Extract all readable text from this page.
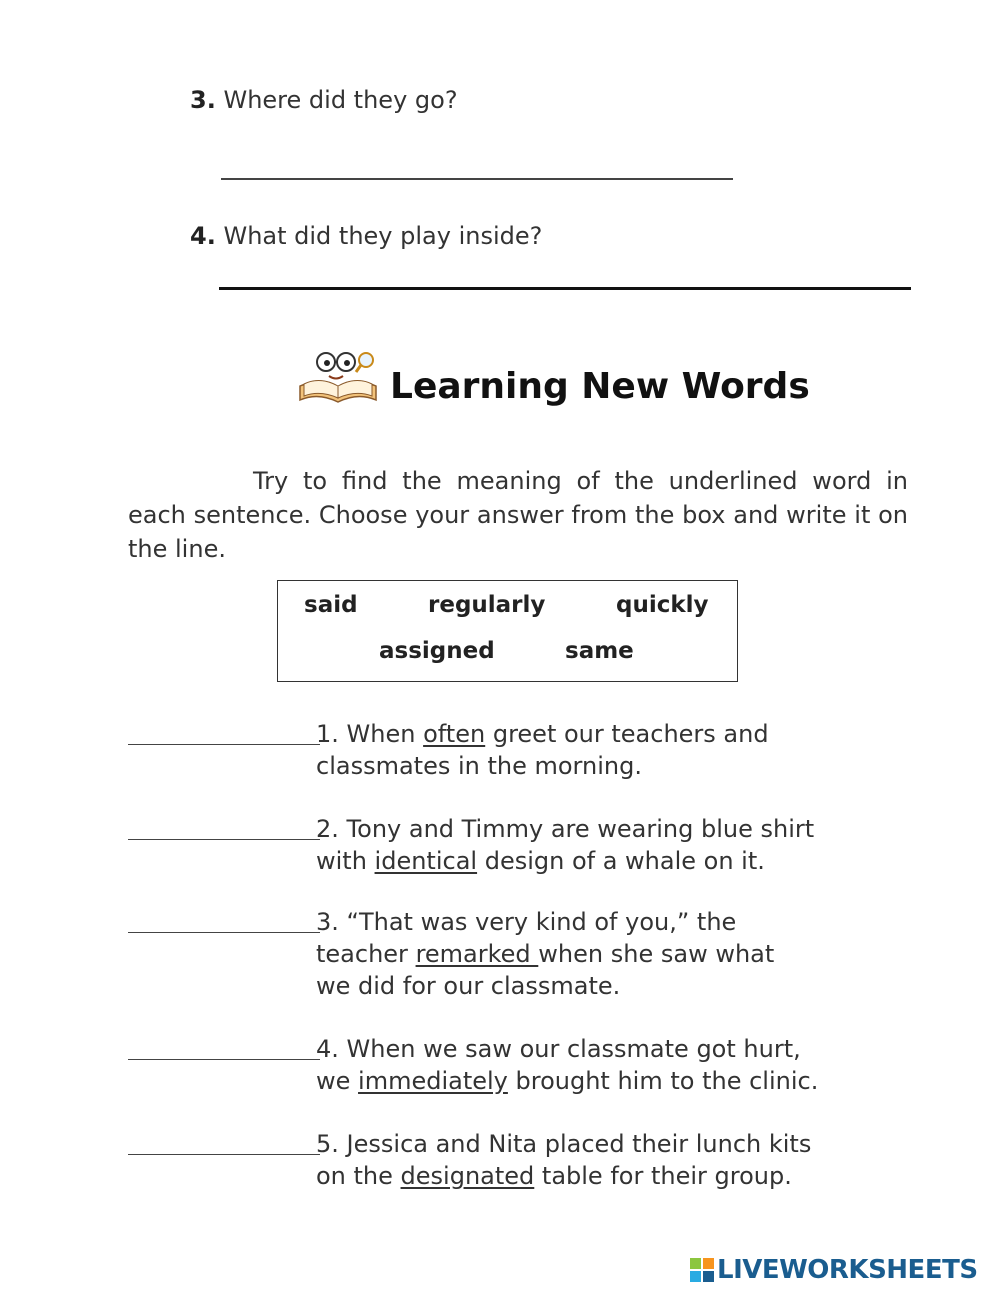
3. Where did they go?
4. What did they play inside?
Learning New Words
Try to find the meaning of the underlined word in each sentence. Choose your answer from the box and write it on the line.
said	regularly	quickly
assigned	same
1. When often greet our teachers and
classmates in the morning.
2. Tony and Timmy are wearing blue shirt
with identical design of a whale on it.
3. “That was very kind of you,” the
teacher remarked when she saw what
we did for our classmate.
4. When we saw our classmate got hurt,
we immediately brought him to the clinic.
5. Jessica and Nita placed their lunch kits
on the designated table for their group.
LIVEWORKSHEETS
